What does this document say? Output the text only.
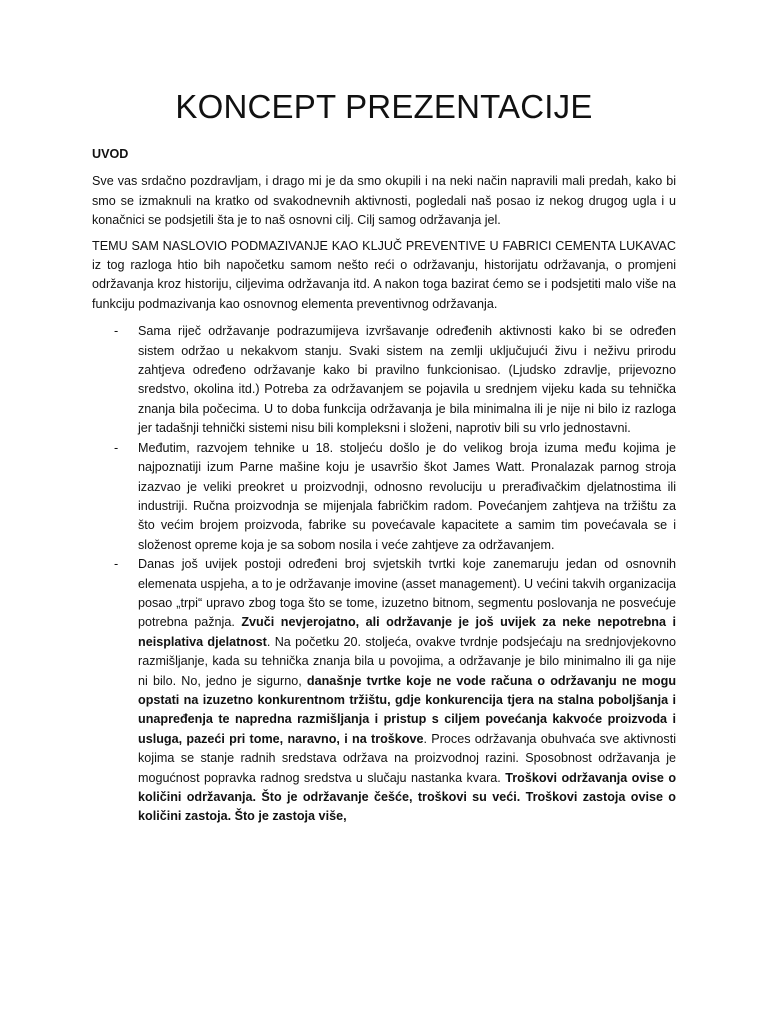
KONCEPT PREZENTACIJE
UVOD

Sve vas srdačno pozdravljam, i drago mi je da smo okupili i na neki način napravili mali predah, kako bi smo se izmaknuli na kratko od svakodnevnih aktivnosti, pogledali naš posao iz nekog drugog ugla i u konačnici se podsjetili šta je to naš osnovni cilj. Cilj samog održavanja jel.

TEMU SAM NASLOVIO PODMAZIVANJE KAO KLJUČ PREVENTIVE U FABRICI CEMENTA LUKAVAC iz tog razloga htio bih napočetku samom nešto reći o održavanju, historijatu održavanja, o promjeni održavanja kroz historiju, ciljevima održavanja itd. A nakon toga bazirat ćemo se i podsjetiti malo više na funkciju podmazivanja kao osnovnog elementa preventivnog održavanja.

- Sama riječ održavanje podrazumijeva izvršavanje određenih aktivnosti kako bi se određen sistem održao u nekakvom stanju. Svaki sistem na zemlji uključujući živu i neživu prirodu zahtjeva određeno održavanje kako bi pravilno funkcionisao. (Ljudsko zdravlje, prijevozno sredstvo, okolina itd.) Potreba za održavanjem se pojavila u srednjem vijeku kada su tehnička znanja bila počecima. U to doba funkcija održavanja je bila minimalna ili je nije ni bilo iz razloga jer tadašnji tehnički sistemi nisu bili kompleksni i složeni, naprotiv bili su vrlo jednostavni.
- Međutim, razvojem tehnike u 18. stoljeću došlo je do velikog broja izuma među kojima je najpoznatiji izum Parne mašine koju je usavršio škot James Watt. Pronalazak parnog stroja izazvao je veliki preokret u proizvodnji, odnosno revoluciju u prerađivačkim djelatnostima ili industriji. Ručna proizvodnja se mijenjala fabričkim radom. Povećanjem zahtjeva na tržištu za što većim brojem proizvoda, fabrike su povećavale kapacitete a samim tim povećavala se i složenost opreme koja je sa sobom nosila i veće zahtjeve za održavanjem.
- Danas još uvijek postoji određeni broj svjetskih tvrtki koje zanemaruju jedan od osnovnih elemenata uspjeha, a to je održavanje imovine (asset management). U većini takvih organizacija posao „trpi“ upravo zbog toga što se tome, izuzetno bitnom, segmentu poslovanja ne posvećuje potrebna pažnja. Zvuči nevjerojatno, ali održavanje je još uvijek za neke nepotrebna i neisplativa djelatnost. Na početku 20. stoljeća, ovakve tvrdnje podsjećaju na srednjovjekovno razmišljanje, kada su tehnička znanja bila u povojima, a održavanje je bilo minimalno ili ga nije ni bilo. No, jedno je sigurno, današnje tvrtke koje ne vode računa o održavanju ne mogu opstati na izuzetno konkurentnom tržištu, gdje konkurencija tjera na stalna poboljšanja i unapređenja te napredna razmišljanja i pristup s ciljem povećanja kakvoće proizvoda i usluga, pazeći pri tome, naravno, i na troškove. Proces održavanja obuhvaća sve aktivnosti kojima se stanje radnih sredstava održava na proizvodnoj razini. Sposobnost održavanja je mogućnost popravka radnog sredstva u slučaju nastanka kvara. Troškovi održavanja ovise o količini održavanja. Što je održavanje češće, troškovi su veći. Troškovi zastoja ovise o količini zastoja. Što je zastoja više,
